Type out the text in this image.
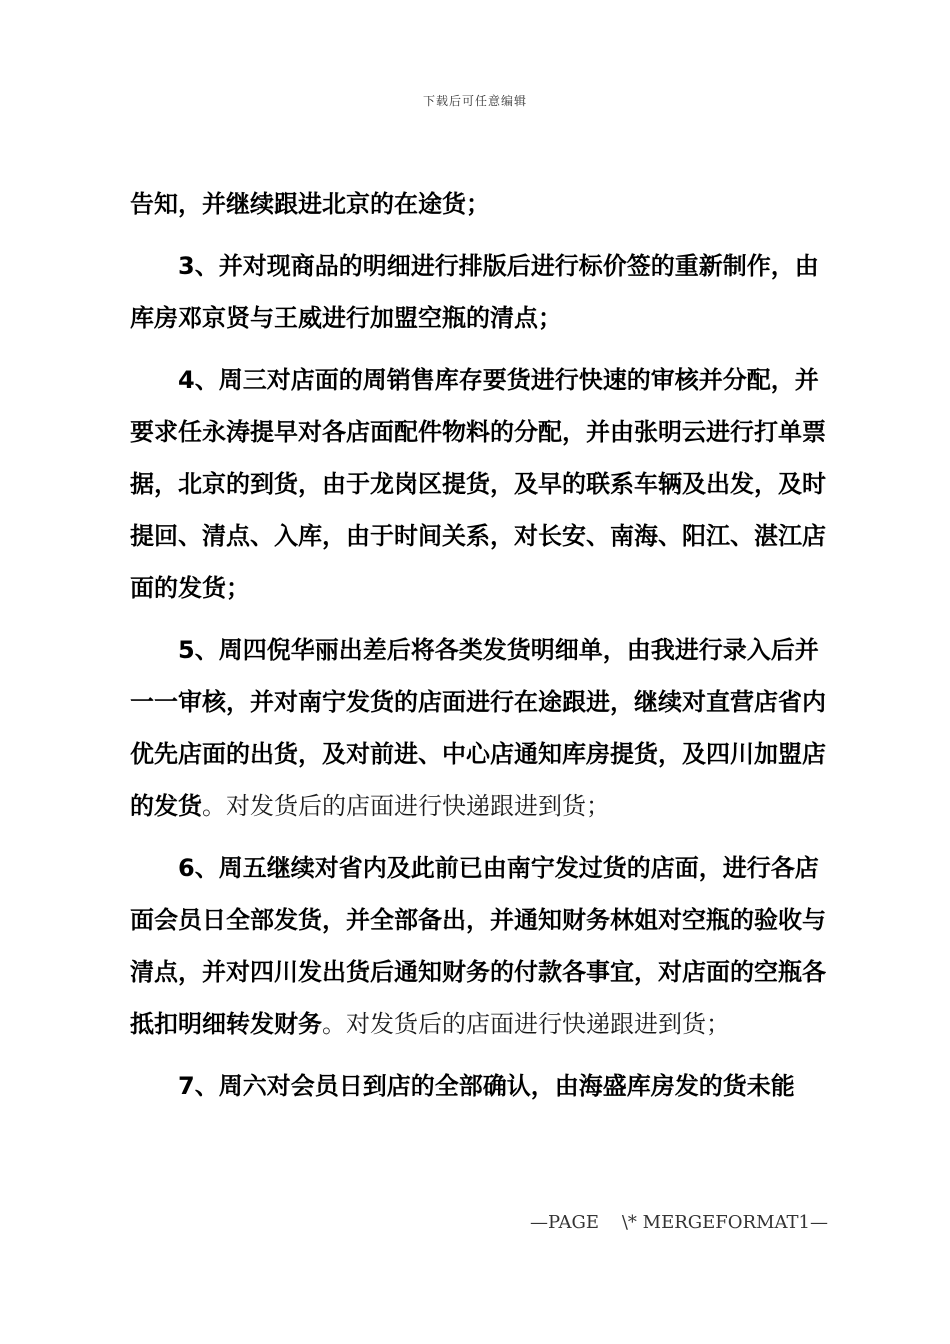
下载后可任意编辑

告知，并继续跟进北京的在途货；

3、并对现商品的明细进行排版后进行标价签的重新制作，由库房邓京贤与王威进行加盟空瓶的清点；

4、周三对店面的周销售库存要货进行快速的审核并分配，并要求任永涛提早对各店面配件物料的分配，并由张明云进行打单票据，北京的到货，由于龙岗区提货，及早的联系车辆及出发，及时提回、清点、入库，由于时间关系，对长安、南海、阳江、湛江店面的发货；

5、周四倪华丽出差后将各类发货明细单，由我进行录入后并一一审核，并对南宁发货的店面进行在途跟进，继续对直营店省内优先店面的出货，及对前进、中心店通知库房提货，及四川加盟店的发货。对发货后的店面进行快递跟进到货；

6、周五继续对省内及此前已由南宁发过货的店面，进行各店面会员日全部发货，并全部备出，并通知财务林姐对空瓶的验收与清点，并对四川发出货后通知财务的付款各事宜，对店面的空瓶各抵扣明细转发财务。对发货后的店面进行快递跟进到货；

7、周六对会员日到店的全部确认，由海盛库房发的货未能

—PAGE    \* MERGEFORMAT1—
